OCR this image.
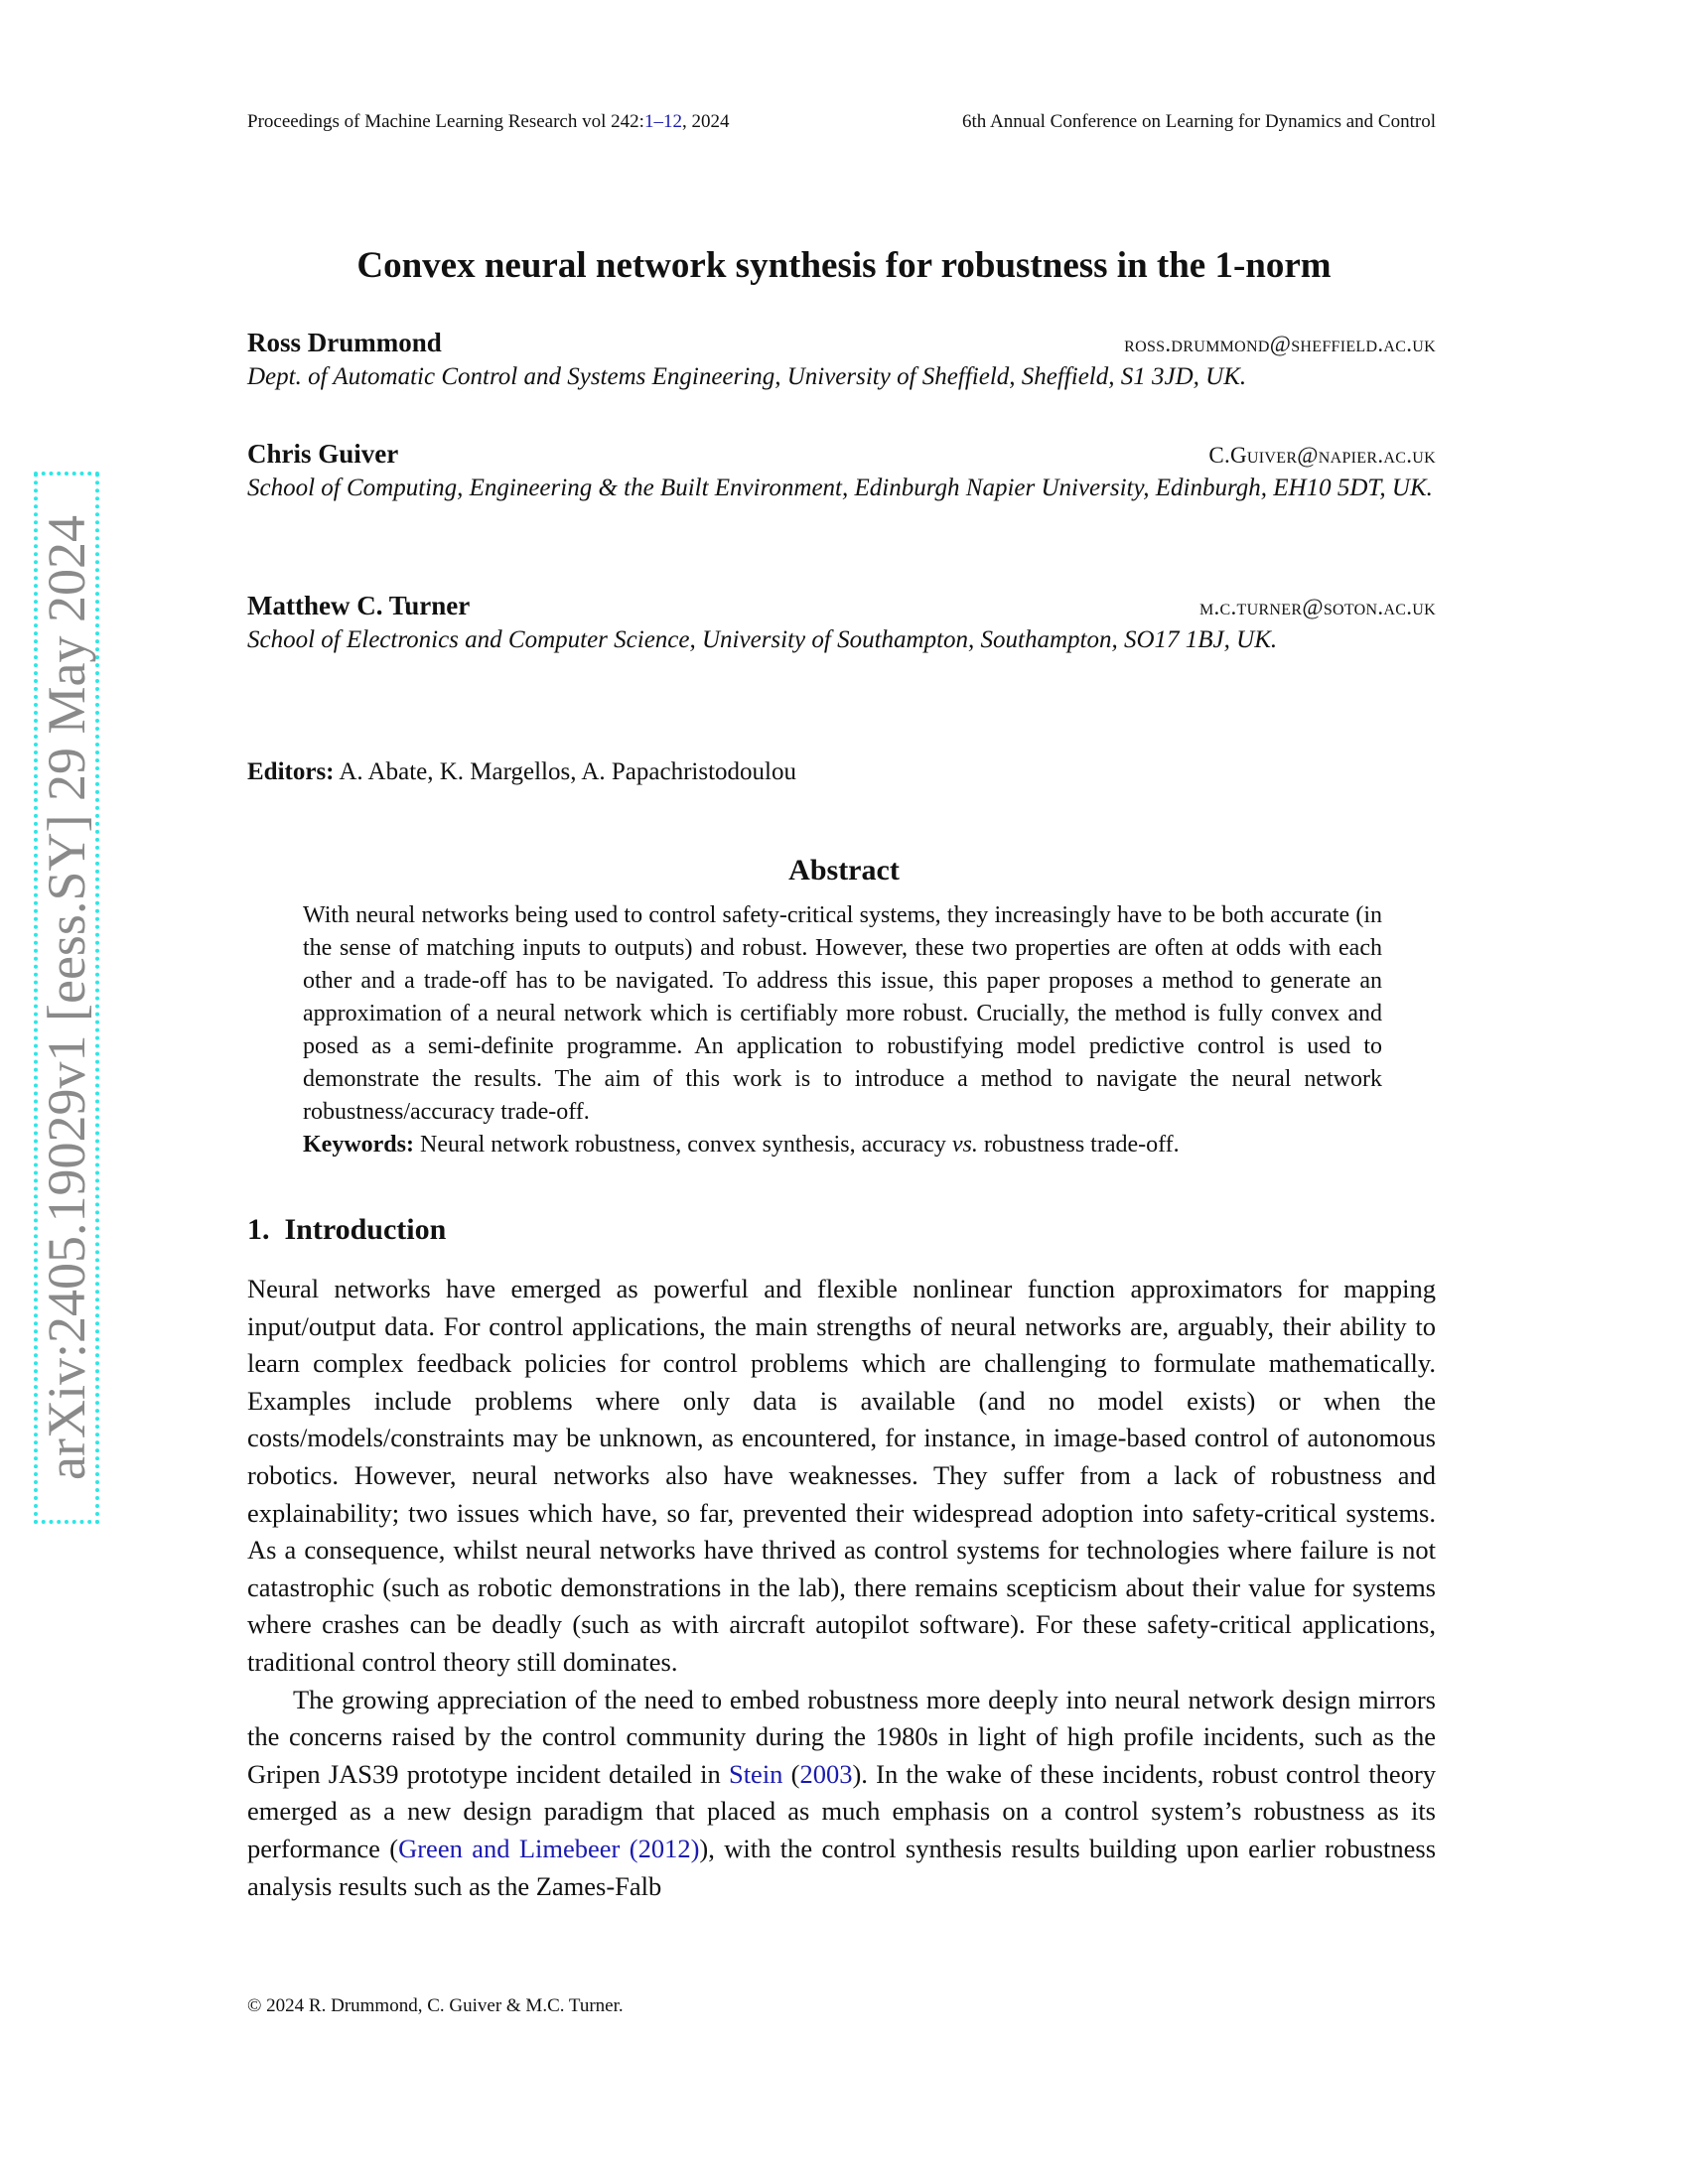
Proceedings of Machine Learning Research vol 242:1–12, 2024	6th Annual Conference on Learning for Dynamics and Control
Convex neural network synthesis for robustness in the 1-norm
Ross Drummond	ross.drummond@sheffield.ac.uk
Dept. of Automatic Control and Systems Engineering, University of Sheffield, Sheffield, S1 3JD, UK.
Chris Guiver	C.Guiver@napier.ac.uk
School of Computing, Engineering & the Built Environment, Edinburgh Napier University, Edinburgh, EH10 5DT, UK.
Matthew C. Turner	m.c.turner@soton.ac.uk
School of Electronics and Computer Science, University of Southampton, Southampton, SO17 1BJ, UK.
Editors: A. Abate, K. Margellos, A. Papachristodoulou
Abstract
With neural networks being used to control safety-critical systems, they increasingly have to be both accurate (in the sense of matching inputs to outputs) and robust. However, these two properties are often at odds with each other and a trade-off has to be navigated. To address this issue, this paper proposes a method to generate an approximation of a neural network which is certifiably more robust. Crucially, the method is fully convex and posed as a semi-definite programme. An application to robustifying model predictive control is used to demonstrate the results. The aim of this work is to introduce a method to navigate the neural network robustness/accuracy trade-off.
Keywords: Neural network robustness, convex synthesis, accuracy vs. robustness trade-off.
1. Introduction

Neural networks have emerged as powerful and flexible nonlinear function approximators for mapping input/output data. For control applications, the main strengths of neural networks are, arguably, their ability to learn complex feedback policies for control problems which are challenging to formulate mathematically. Examples include problems where only data is available (and no model exists) or when the costs/models/constraints may be unknown, as encountered, for instance, in image-based control of autonomous robotics. However, neural networks also have weaknesses. They suffer from a lack of robustness and explainability; two issues which have, so far, prevented their widespread adoption into safety-critical systems. As a consequence, whilst neural networks have thrived as control systems for technologies where failure is not catastrophic (such as robotic demonstrations in the lab), there remains scepticism about their value for systems where crashes can be deadly (such as with aircraft autopilot software). For these safety-critical applications, traditional control theory still dominates.

The growing appreciation of the need to embed robustness more deeply into neural network design mirrors the concerns raised by the control community during the 1980s in light of high profile incidents, such as the Gripen JAS39 prototype incident detailed in Stein (2003). In the wake of these incidents, robust control theory emerged as a new design paradigm that placed as much emphasis on a control system’s robustness as its performance (Green and Limebeer (2012)), with the control synthesis results building upon earlier robustness analysis results such as the Zames-Falb

© 2024 R. Drummond, C. Guiver & M.C. Turner.
arXiv:2405.19029v1 [eess.SY] 29 May 2024
